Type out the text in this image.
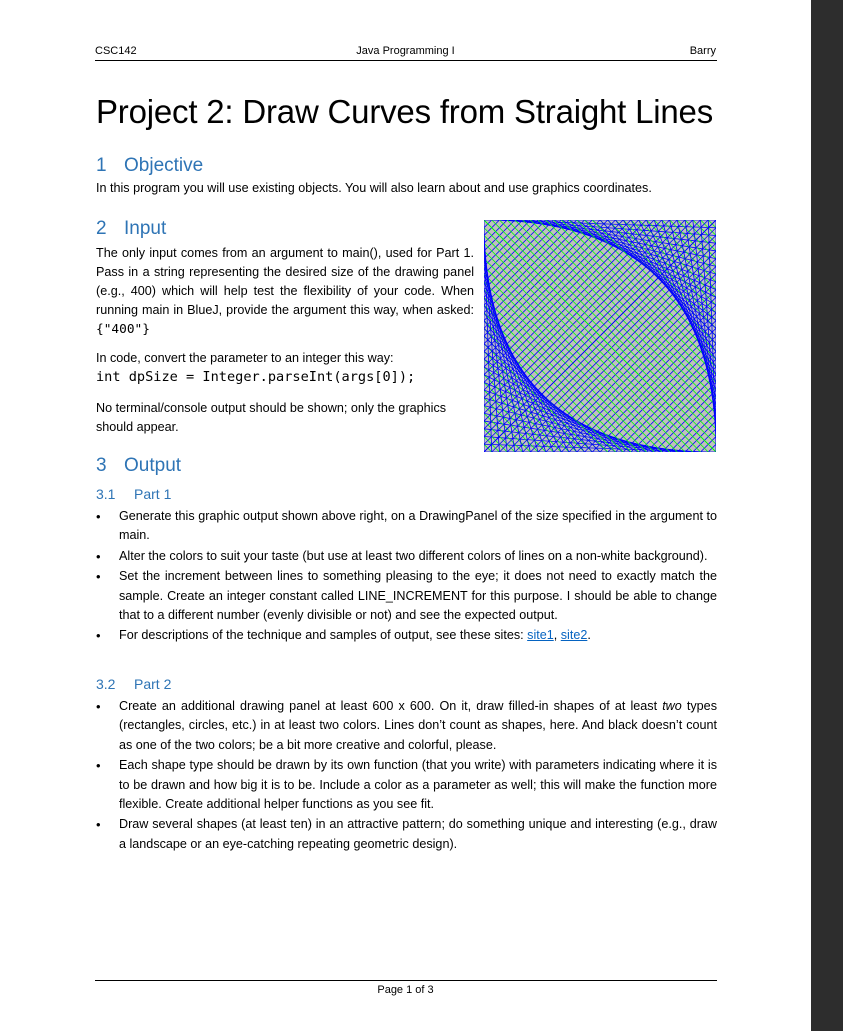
CSC142	Java Programming I	Barry
Project 2: Draw Curves from Straight Lines
1 Objective

In this program you will use existing objects. You will also learn about and use graphics coordinates.

2 Input

The only input comes from an argument to main(), used for Part 1. Pass in a string representing the desired size of the drawing panel (e.g., 400) which will help test the flexibility of your code. When running main in BlueJ, provide the argument this way, when asked: {"400"}

In code, convert the parameter to an integer this way:
int dpSize = Integer.parseInt(args[0]);

No terminal/console output should be shown; only the graphics should appear.

3 Output
3.1 Part 1
• Generate this graphic output shown above right, on a DrawingPanel of the size specified in the argument to main.
• Alter the colors to suit your taste (but use at least two different colors of lines on a non-white background).
• Set the increment between lines to something pleasing to the eye; it does not need to exactly match the sample. Create an integer constant called LINE_INCREMENT for this purpose. I should be able to change that to a different number (evenly divisible or not) and see the expected output.
• For descriptions of the technique and samples of output, see these sites: site1, site2.
3.2 Part 2
• Create an additional drawing panel at least 600 x 600. On it, draw filled-in shapes of at least two types (rectangles, circles, etc.) in at least two colors. Lines don’t count as shapes, here. And black doesn’t count as one of the two colors; be a bit more creative and colorful, please.
• Each shape type should be drawn by its own function (that you write) with parameters indicating where it is to be drawn and how big it is to be. Include a color as a parameter as well; this will make the function more flexible. Create additional helper functions as you see fit.
• Draw several shapes (at least ten) in an attractive pattern; do something unique and interesting (e.g., draw a landscape or an eye-catching repeating geometric design).
Page 1 of 3
